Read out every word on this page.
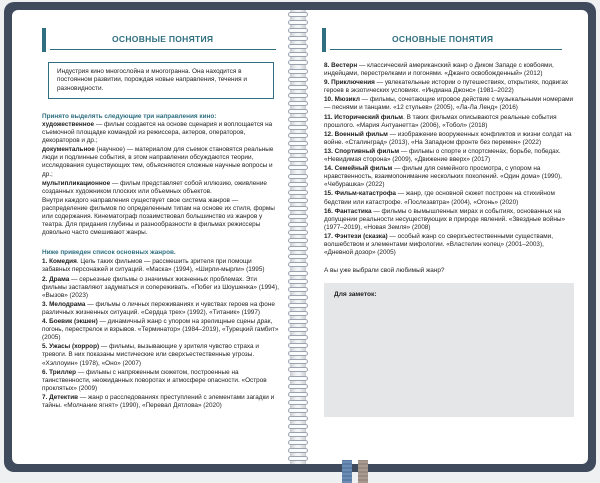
ОСНОВНЫЕ ПОНЯТИЯ
Индустрия кино многослойна и многогранна. Она находится в постоянном развитии, порождая новые направления, течения и разновидности.
Принято выделять следующие три направления кино:
художественное — фильм создается на основе сценария и воплощается на съемочной площадке командой из режиссера, актеров, операторов, декораторов и др.;
документальное (научное) — материалом для съемок становятся реальные люди и подлинные события, в этом направлении обсуждаются теории, исследования существующих тем, объясняются сложные научные вопросы и др.;
мультипликационное — фильм представляет собой иллюзию, оживление созданных художником плоских или объемных объектов.
Внутри каждого направления существует свое система жанров — распределение фильмов по определенным типам на основе их стиля, формы или содержания. Кинематограф позаимствовал большинство из жанров у театра. Для придания глубины и разнообразности в фильмах режиссеры довольно часто смешивают жанры.
Ниже приведен список основных жанров.
1. Комедия. Цель таких фильмов — рассмешить зрителя при помощи забавных персонажей и ситуаций. «Маска» (1994), «Ширли-мырли» (1995)
2. Драма — серьезные фильмы о значимых жизненных проблемах. Эти фильмы заставляют задуматься и сопереживать. «Побег из Шоушенка» (1994), «Вызов» (2023)
3. Мелодрама — фильмы о личных переживаниях и чувствах героев на фоне различных жизненных ситуаций. «Сердца трех» (1992), «Титаник» (1997)
4. Боевик (экшен) — динамичный жанр с упором на зрелищные сцены драк, погонь, перестрелок и взрывов. «Терминатор» (1984–2019), «Турецкий гамбит» (2005)
5. Ужасы (хоррор) — фильмы, вызывающие у зрителя чувство страха и тревоги. В них показаны мистические или сверхъестественные угрозы. «Хэллоуин» (1978), «Оно» (2007)
6. Триллер — фильмы с напряженным сюжетом, построенные на таинственности, неожиданных поворотах и атмосфере опасности. «Остров проклятых» (2009)
7. Детектив — жанр о расследованиях преступлений с элементами загадки и тайны. «Молчание ягнят» (1990), «Перевал Дятлова» (2020)
ОСНОВНЫЕ ПОНЯТИЯ
8. Вестерн — классический американский жанр о Диком Западе с ковбоями, индейцами, перестрелками и погонями. «Джанго освобожденный» (2012)
9. Приключения — увлекательные истории о путешествиях, открытиях, подвигах героев в экзотических условиях. «Индиана Джонс» (1981–2022)
10. Мюзикл — фильмы, сочетающие игровое действие с музыкальными номерами — песнями и танцами. «12 стульев» (2005), «Ла-Ла Ленд» (2016)
11. Исторический фильм. В таких фильмах описываются реальные события прошлого. «Мария Антуанетта» (2006), «Тобол» (2018)
12. Военный фильм — изображение вооруженных конфликтов и жизни солдат на войне. «Сталинград» (2013), «На Западном фронте без перемен» (2022)
13. Спортивный фильм — фильмы о спорте и спортсменах, борьбе, победах. «Невидимая сторона» (2009), «Движение вверх» (2017)
14. Семейный фильм — фильм для семейного просмотра, с упором на нравственность, взаимопонимание нескольких поколений. «Один дома» (1990), «Чебурашка» (2022)
15. Фильм-катастрофа — жанр, где основной сюжет построен на стихийном бедствии или катастрофе. «Послезавтра» (2004), «Огонь» (2020)
16. Фантастика — фильмы о вымышленных мирах и событиях, основанных на допущении реальности несуществующих в природе явлений. «Звездные войны» (1977–2019), «Новая Земля» (2008)
17. Фэнтези (сказка) — особый жанр со сверхъестественными существами, волшебством и элементами мифологии. «Властелин колец» (2001–2003), «Дневной дозор» (2005)
А вы уже выбрали свой любимый жанр?
Для заметок:
